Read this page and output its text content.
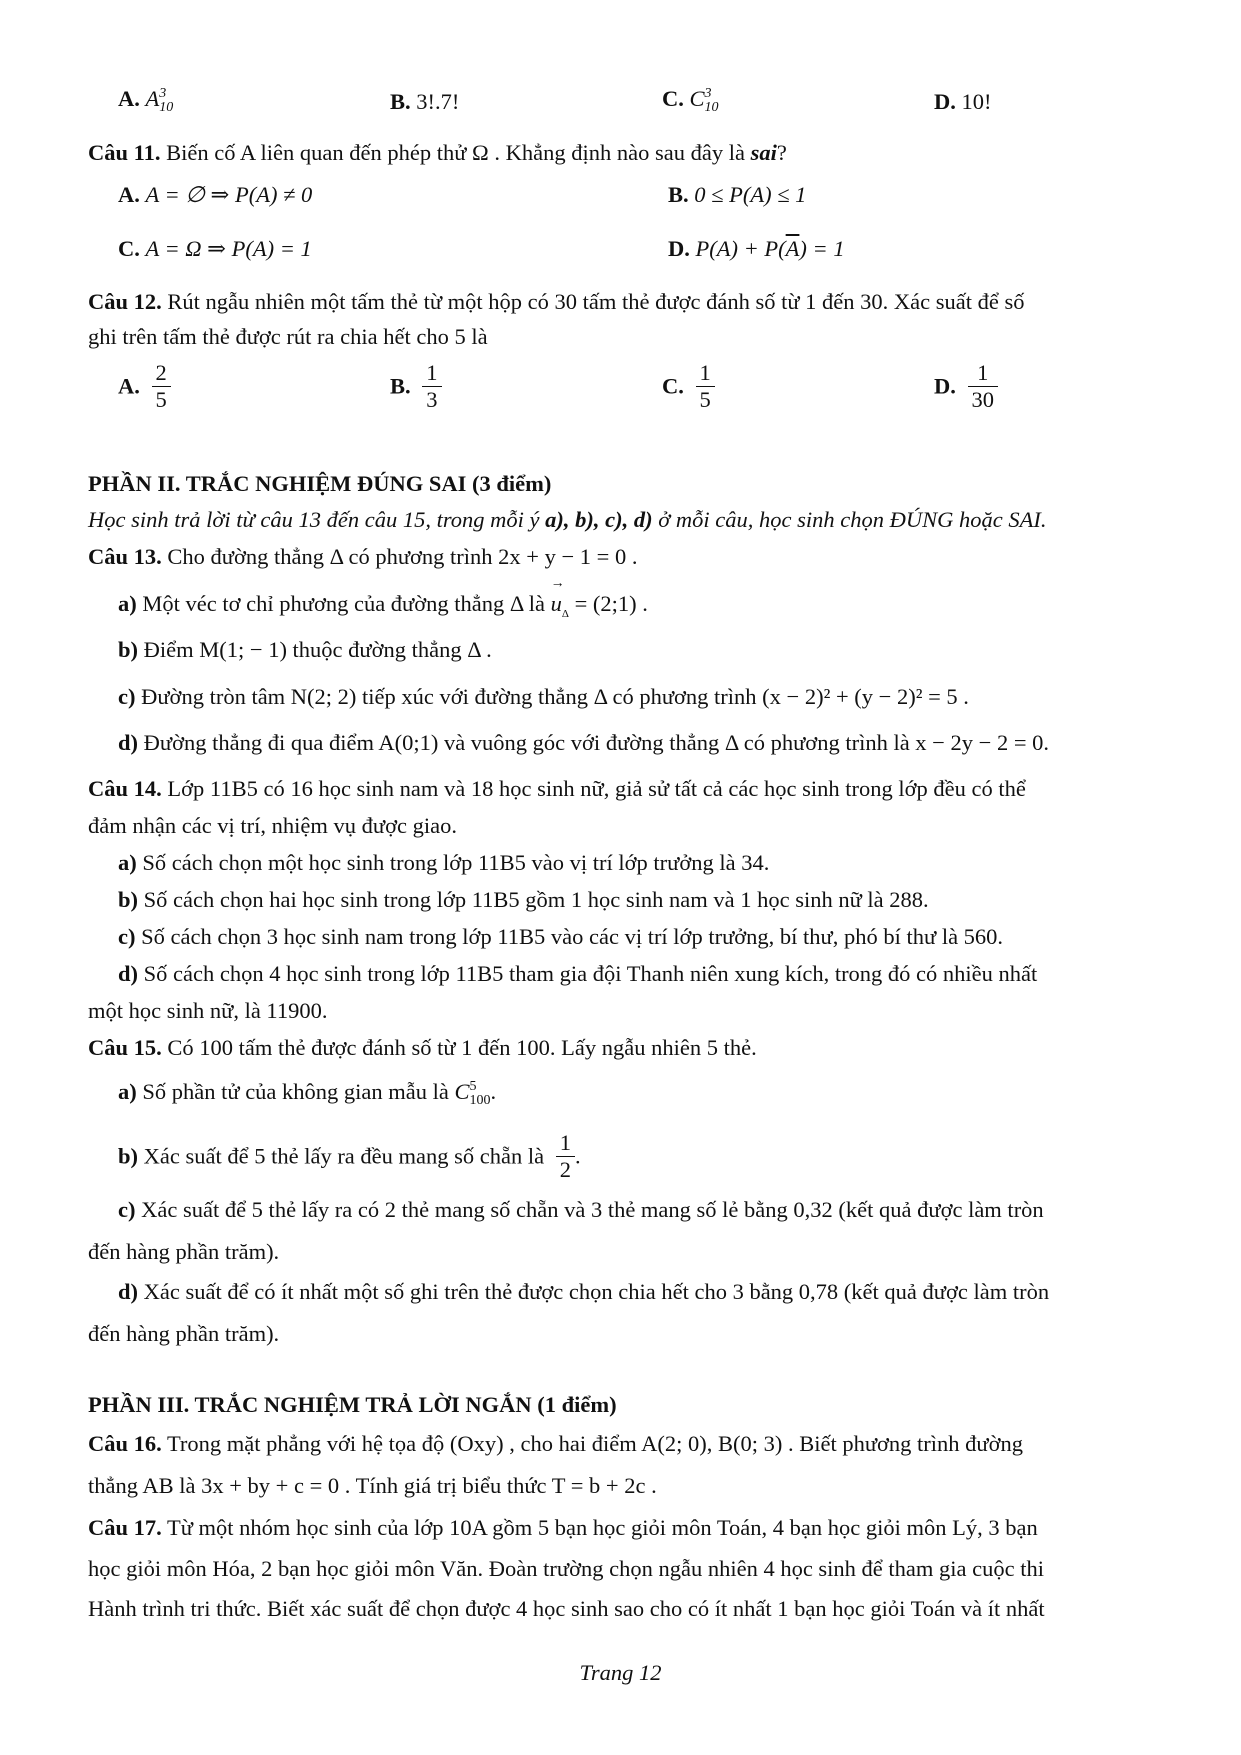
A. A 3
10	B. 3!.7!	C. C 3
10	D. 10!
Câu 11. Biến cố A liên quan đến phép thử Ω . Khẳng định nào sau đây là sai?
A. A = ∅ ⇒ P(A) ≠ 0	B. 0 ≤ P(A) ≤ 1
C. A = Ω ⇒ P(A) = 1	D. $P(A) + P(\overline{A}) = 1$
Câu 12. Rút ngẫu nhiên một tấm thẻ từ một hộp có 30 tấm thẻ được đánh số từ 1 đến 30. Xác suất để số
ghi trên tấm thẻ được rút ra chia hết cho 5 là
A. $\frac{2}{5}$	B. $\frac{1}{3}$	C. $\frac{1}{5}$	D. $\frac{1}{30}$
PHẦN II. TRẮC NGHIỆM ĐÚNG SAI (3 điểm)
Học sinh trả lời từ câu 13 đến câu 15, trong mỗi ý a), b), c), d) ở mỗi câu, học sinh chọn ĐÚNG hoặc SAI.
Câu 13. Cho đường thẳng Δ có phương trình 2x + y − 1 = 0 .
a) Một véc tơ chỉ phương của đường thẳng Δ là → $u_\Delta$ = (2;1) .
b) Điểm M(1; − 1) thuộc đường thẳng Δ .
c) Đường tròn tâm N(2; 2) tiếp xúc với đường thẳng Δ có phương trình (x − 2)² + (y − 2)² = 5 .
d) Đường thẳng đi qua điểm A(0;1) và vuông góc với đường thẳng Δ có phương trình là x − 2y − 2 = 0.
Câu 14. Lớp 11B5 có 16 học sinh nam và 18 học sinh nữ, giả sử tất cả các học sinh trong lớp đều có thể
đảm nhận các vị trí, nhiệm vụ được giao.
a) Số cách chọn một học sinh trong lớp 11B5 vào vị trí lớp trưởng là 34.
b) Số cách chọn hai học sinh trong lớp 11B5 gồm 1 học sinh nam và 1 học sinh nữ là 288.
c) Số cách chọn 3 học sinh nam trong lớp 11B5 vào các vị trí lớp trưởng, bí thư, phó bí thư là 560.
d) Số cách chọn 4 học sinh trong lớp 11B5 tham gia đội Thanh niên xung kích, trong đó có nhiều nhất
một học sinh nữ, là 11900.
Câu 15. Có 100 tấm thẻ được đánh số từ 1 đến 100. Lấy ngẫu nhiên 5 thẻ.
a) Số phần tử của không gian mẫu là C 5
100 .
b) Xác suất để 5 thẻ lấy ra đều mang số chẵn là $\frac{1}{2}$ .
c) Xác suất để 5 thẻ lấy ra có 2 thẻ mang số chẵn và 3 thẻ mang số lẻ bằng 0,32 (kết quả được làm tròn
đến hàng phần trăm).
d) Xác suất để có ít nhất một số ghi trên thẻ được chọn chia hết cho 3 bằng 0,78 (kết quả được làm tròn
đến hàng phần trăm).
PHẦN III. TRẮC NGHIỆM TRẢ LỜI NGẮN (1 điểm)
Câu 16. Trong mặt phẳng với hệ tọa độ (Oxy) , cho hai điểm A(2; 0), B(0; 3) . Biết phương trình đường
thẳng AB là 3x + by + c = 0 . Tính giá trị biểu thức T = b + 2c .
Câu 17. Từ một nhóm học sinh của lớp 10A gồm 5 bạn học giỏi môn Toán, 4 bạn học giỏi môn Lý, 3 bạn
học giỏi môn Hóa, 2 bạn học giỏi môn Văn. Đoàn trường chọn ngẫu nhiên 4 học sinh để tham gia cuộc thi
Hành trình tri thức. Biết xác suất để chọn được 4 học sinh sao cho có ít nhất 1 bạn học giỏi Toán và ít nhất
Trang 12
